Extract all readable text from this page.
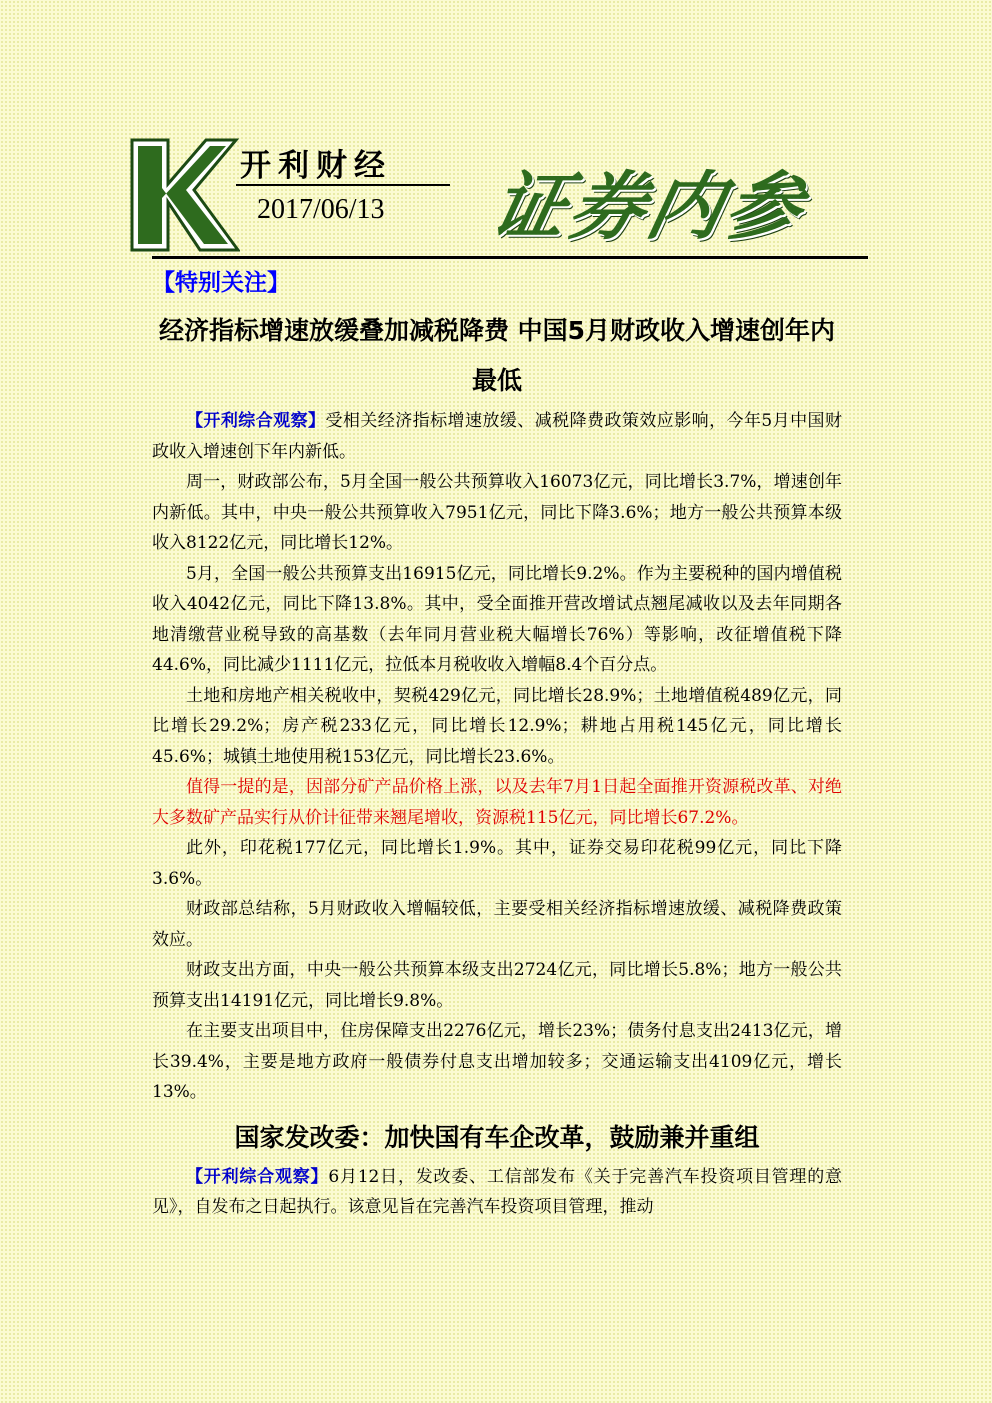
开利财经
2017/06/13 证券内参
【特别关注】
经济指标增速放缓叠加减税降费 中国5月财政收入增速创年内最低

【开利综合观察】受相关经济指标增速放缓、减税降费政策效应影响，今年5月中国财政收入增速创下年内新低。

周一，财政部公布，5月全国一般公共预算收入16073亿元，同比增长3.7%，增速创年内新低。其中，中央一般公共预算收入7951亿元，同比下降3.6%；地方一般公共预算本级收入8122亿元，同比增长12%。

5月，全国一般公共预算支出16915亿元，同比增长9.2%。作为主要税种的国内增值税收入4042亿元，同比下降13.8%。其中，受全面推开营改增试点翘尾减收以及去年同期各地清缴营业税导致的高基数（去年同月营业税大幅增长76%）等影响，改征增值税下降44.6%，同比减少1111亿元，拉低本月税收收入增幅8.4个百分点。

土地和房地产相关税收中，契税429亿元，同比增长28.9%；土地增值税489亿元，同比增长29.2%；房产税233亿元，同比增长12.9%；耕地占用税145亿元，同比增长45.6%；城镇土地使用税153亿元，同比增长23.6%。

值得一提的是，因部分矿产品价格上涨，以及去年7月1日起全面推开资源税改革、对绝大多数矿产品实行从价计征带来翘尾增收，资源税115亿元，同比增长67.2%。

此外，印花税177亿元，同比增长1.9%。其中，证券交易印花税99亿元，同比下降3.6%。

财政部总结称，5月财政收入增幅较低，主要受相关经济指标增速放缓、减税降费政策效应。

财政支出方面，中央一般公共预算本级支出2724亿元，同比增长5.8%；地方一般公共预算支出14191亿元，同比增长9.8%。

在主要支出项目中，住房保障支出2276亿元，增长23%；债务付息支出2413亿元，增长39.4%，主要是地方政府一般债券付息支出增加较多；交通运输支出4109亿元，增长13%。

国家发改委：加快国有车企改革，鼓励兼并重组

【开利综合观察】6月12日，发改委、工信部发布《关于完善汽车投资项目管理的意见》，自发布之日起执行。该意见旨在完善汽车投资项目管理，推动
